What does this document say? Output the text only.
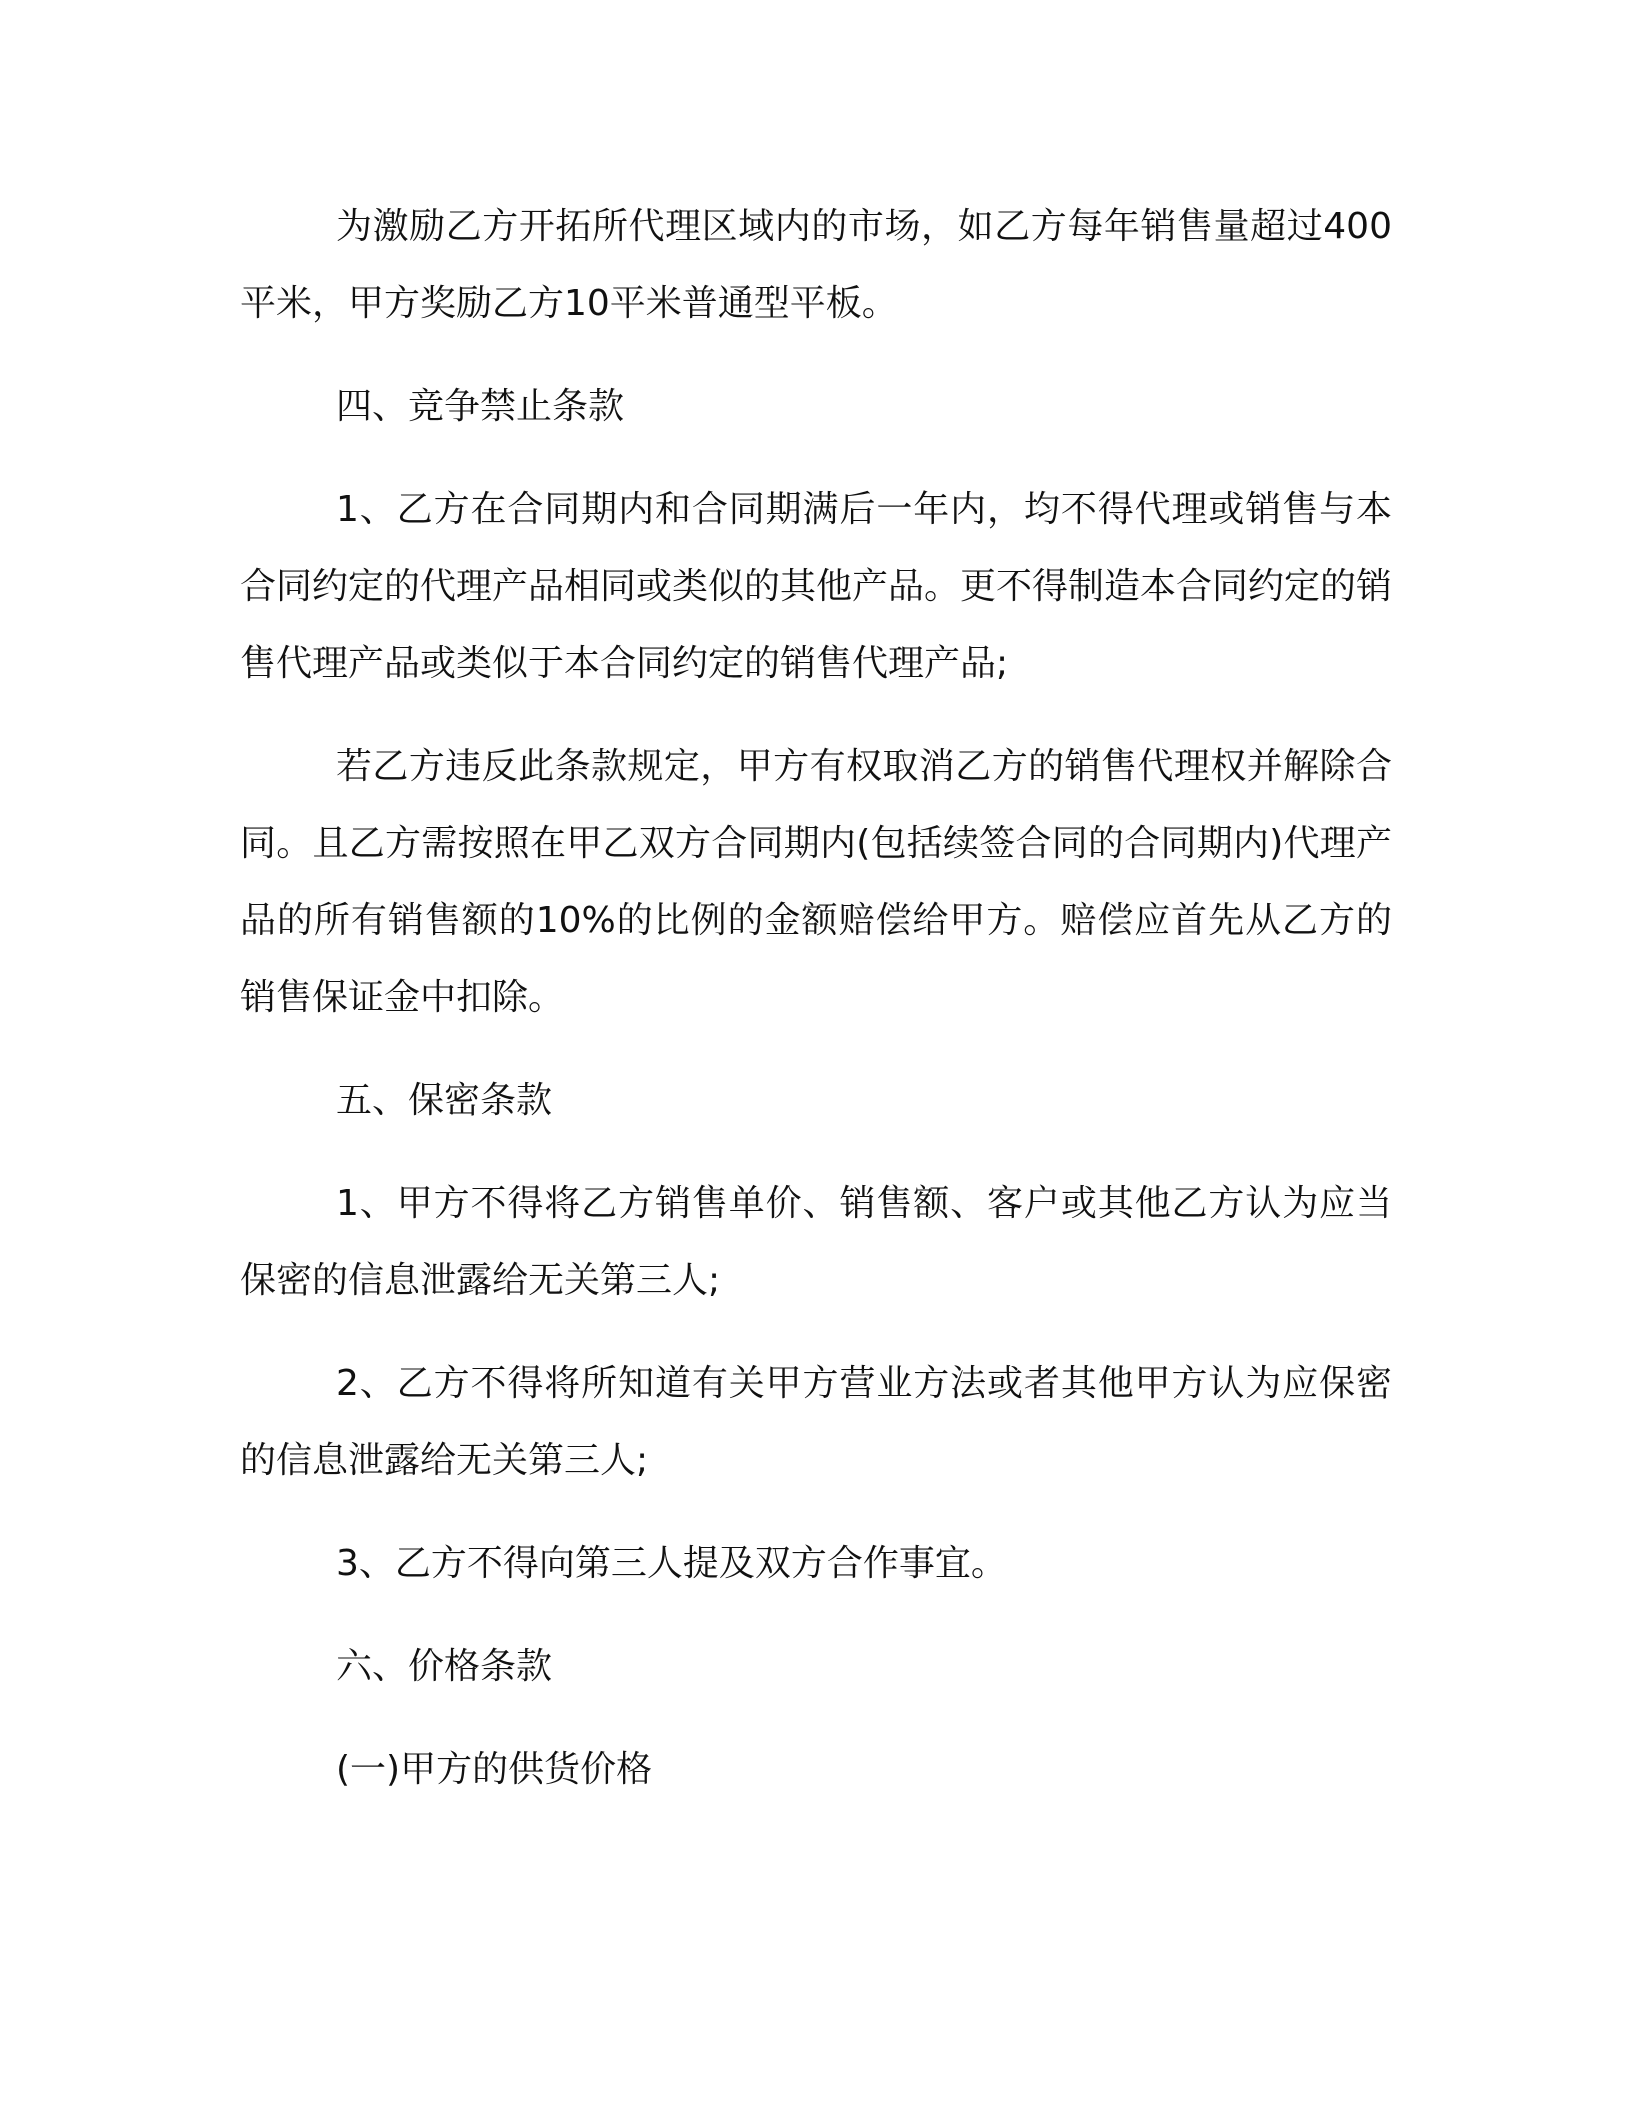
为激励乙方开拓所代理区域内的市场，如乙方每年销售量超过400平米，甲方奖励乙方10平米普通型平板。

四、竞争禁止条款

1、乙方在合同期内和合同期满后一年内，均不得代理或销售与本合同约定的代理产品相同或类似的其他产品。更不得制造本合同约定的销售代理产品或类似于本合同约定的销售代理产品;

若乙方违反此条款规定，甲方有权取消乙方的销售代理权并解除合同。且乙方需按照在甲乙双方合同期内(包括续签合同的合同期内)代理产品的所有销售额的10%的比例的金额赔偿给甲方。赔偿应首先从乙方的销售保证金中扣除。

五、保密条款

1、甲方不得将乙方销售单价、销售额、客户或其他乙方认为应当保密的信息泄露给无关第三人;

2、乙方不得将所知道有关甲方营业方法或者其他甲方认为应保密的信息泄露给无关第三人;

3、乙方不得向第三人提及双方合作事宜。

六、价格条款

(一)甲方的供货价格
